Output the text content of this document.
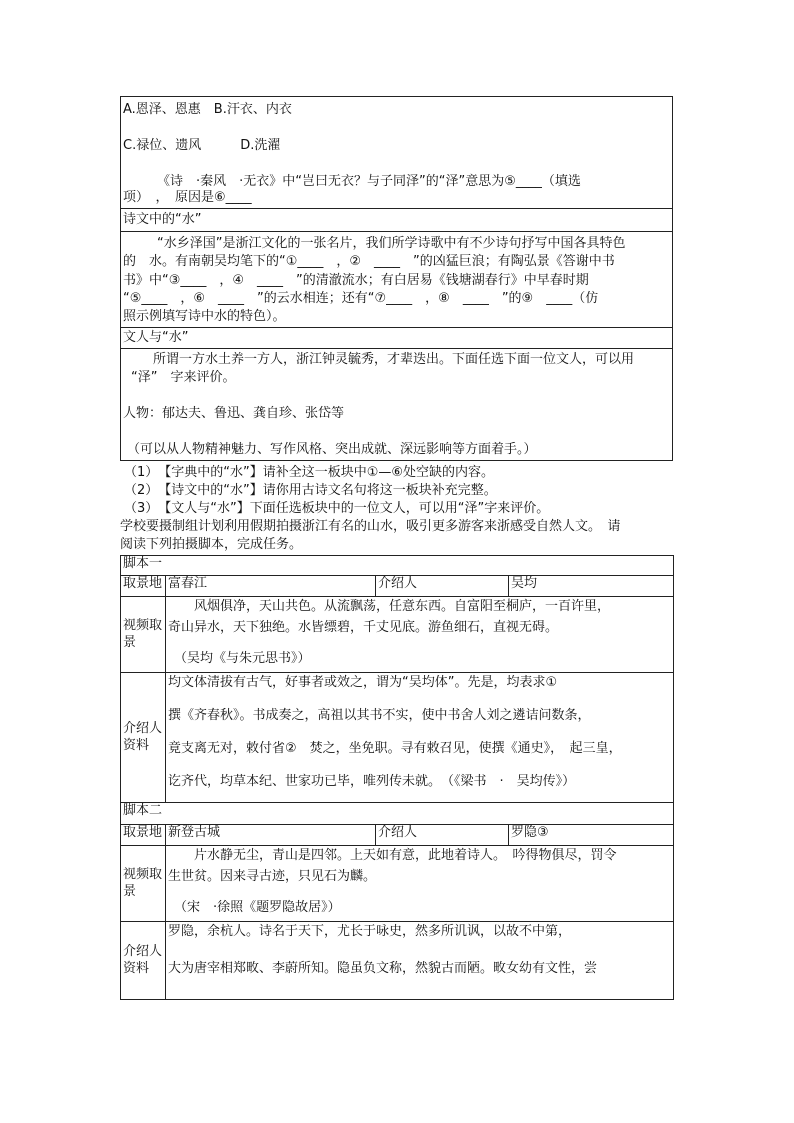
A.恩泽、恩惠　B.汗衣、内衣
C.禄位、遗风　　　D.洗濯
《诗　·秦风　·无衣》中“岂曰无衣？与子同泽”的“泽”意思为⑤____（填选
项）　，　原因是⑥____
诗文中的“水”
“水乡泽国”是浙江文化的一张名片，我们所学诗歌中有不少诗句抒写中国各具特色
的　水。有南朝吴均笔下的“①____　，②　____　”的凶猛巨浪；有陶弘景《答谢中书
书》中“③____　，④　____　”的清澈流水；有白居易《钱塘湖春行》中早春时期
“⑤____　，⑥　____　”的云水相连；还有“⑦____　，⑧　____　”的⑨　____（仿
照示例填写诗中水的特色）。
文人与“水”
所谓一方水土养一方人，浙江钟灵毓秀，才辈迭出。下面任选下面一位文人，可以用
“泽”　字来评价。
人物：郁达夫、鲁迅、龚自珍、张岱等
（可以从人物精神魅力、写作风格、突出成就、深远影响等方面着手。）
（1）　【字典中的“水”】请补全这一板块中①—⑥处空缺的内容。
（2）　【诗文中的“水”】请你用古诗文名句将这一板块补充完整。
（3）　【文人与“水”】下面任选板块中的一位文人，可以用“泽”字来评价。
学校要摄制组计划利用假期拍摄浙江有名的山水，吸引更多游客来浙感受自然人文。　请
阅读下列拍摄脚本，完成任务。
脚本一			
取景地	富春江	介绍人	吴均
视频取景	风烟俱净，天山共色。从流飘荡，任意东西。自富阳至桐庐，一百许里，
奇山异水，天下独绝。水皆缥碧，千丈见底。游鱼细石，直视无碍。
（吴均《与朱元思书》）		

介绍人资料	均文体清拔有古气，好事者或效之，谓为“吴均体”。先是，均表求①
撰《齐春秋》。书成奏之，高祖以其书不实，使中书舍人刘之遴诘问数条，
竟支离无对，敕付省②　焚之，坐免职。寻有敕召见，使撰《通史》，　起三皇，
讫齐代，均草本纪、世家功已毕，唯列传未就。　（《梁书　·　吴均传》）		

脚本二			
取景地	新登古城	介绍人	罗隐③
视频取景	片水静无尘，青山是四邻。上天如有意，此地着诗人。　吟得物俱尽，罚令
生世贫。因来寻古迹，只见石为麟。
（宋　·徐照《题罗隐故居》）		

介绍人资料	罗隐，余杭人。诗名于天下，尤长于咏史，然多所讥讽，以故不中第，
大为唐宰相郑畋、李蔚所知。隐虽负文称，然貌古而陋。畋女幼有文性，尝		
